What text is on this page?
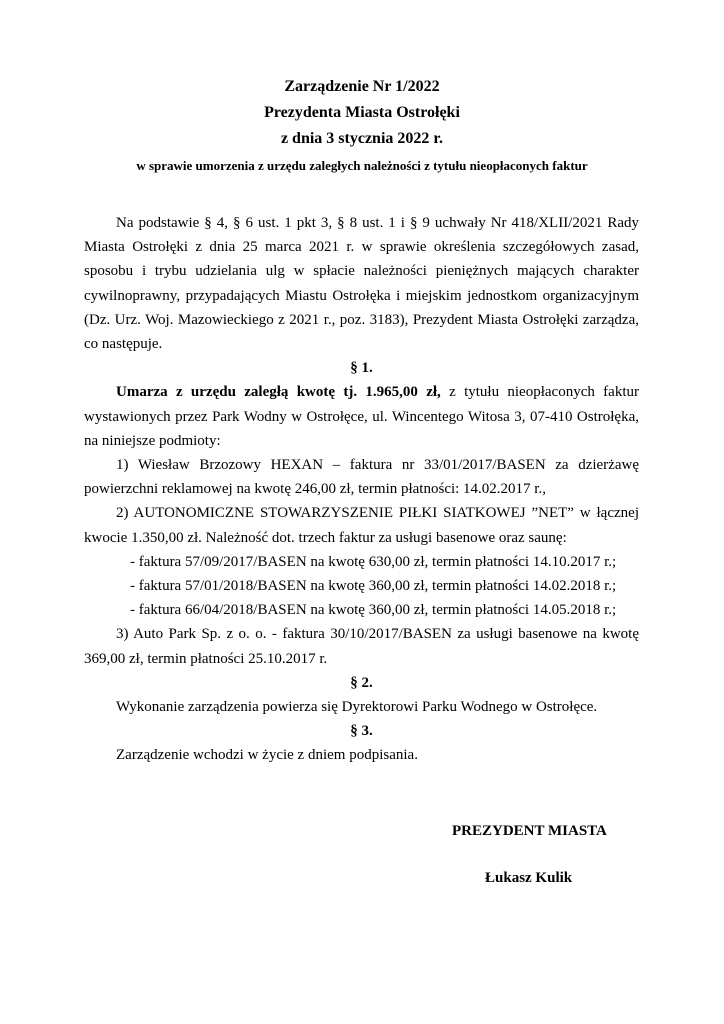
Zarządzenie Nr 1/2022
Prezydenta Miasta Ostrołęki
z dnia 3 stycznia 2022 r.
w sprawie umorzenia z urzędu zaległych należności z tytułu nieopłaconych faktur

Na podstawie § 4, § 6 ust. 1 pkt 3, § 8 ust. 1 i § 9 uchwały Nr 418/XLII/2021 Rady Miasta Ostrołęki z dnia 25 marca 2021 r. w sprawie określenia szczegółowych zasad, sposobu i trybu udzielania ulg w spłacie należności pieniężnych mających charakter cywilnoprawny, przypadających Miastu Ostrołęka i miejskim jednostkom organizacyjnym (Dz. Urz. Woj. Mazowieckiego z 2021 r., poz. 3183), Prezydent Miasta Ostrołęki zarządza, co następuje.

§ 1.

Umarza z urzędu zaległą kwotę tj. 1.965,00 zł, z tytułu nieopłaconych faktur wystawionych przez Park Wodny w Ostrołęce, ul. Wincentego Witosa 3, 07-410 Ostrołęka, na niniejsze podmioty:

1) Wiesław Brzozowy HEXAN – faktura nr 33/01/2017/BASEN za dzierżawę powierzchni reklamowej na kwotę 246,00 zł, termin płatności: 14.02.2017 r.,

2) AUTONOMICZNE STOWARZYSZENIE PIŁKI SIATKOWEJ ”NET” w łącznej kwocie 1.350,00 zł. Należność dot. trzech faktur za usługi basenowe oraz saunę:

- faktura 57/09/2017/BASEN na kwotę 630,00 zł, termin płatności 14.10.2017 r.;

- faktura 57/01/2018/BASEN na kwotę 360,00 zł, termin płatności 14.02.2018 r.;

- faktura 66/04/2018/BASEN na kwotę 360,00 zł, termin płatności 14.05.2018 r.;

3) Auto Park Sp. z o. o. - faktura 30/10/2017/BASEN za usługi basenowe na kwotę 369,00 zł, termin płatności 25.10.2017 r.

§ 2.

Wykonanie zarządzenia powierza się Dyrektorowi Parku Wodnego w Ostrołęce.

§ 3.

Zarządzenie wchodzi w życie z dniem podpisania.

PREZYDENT MIASTA
Łukasz Kulik
